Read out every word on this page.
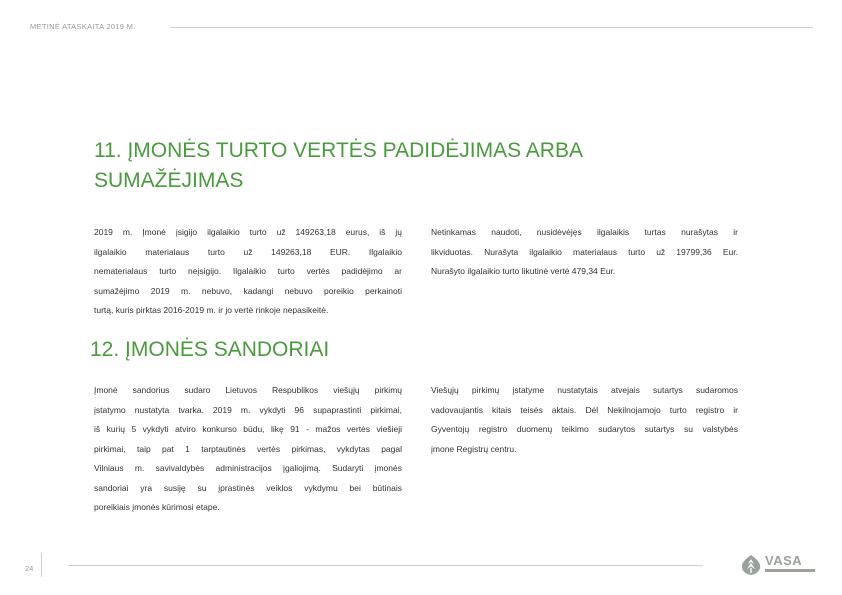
METINĖ ATASKAITA 2019 M.
11. ĮMONĖS TURTO VERTĖS PADIDĖJIMAS ARBA
SUMAŽĖJIMAS
2019 m. Įmonė įsigijo ilgalaikio turto už 149263,18 eurus, iš jų
ilgalaikio materialaus turto už 149263,18 EUR. Ilgalaikio
nematerialaus turto neįsigijo. Ilgalaikio turto vertės padidėjimo ar
sumažėjimo 2019 m. nebuvo, kadangi nebuvo poreikio perkainoti
turtą, kuris pirktas 2016-2019 m. ir jo vertė rinkoje nepasikeitė.
Netinkamas naudoti, nusidėvėjęs ilgalaikis turtas nurašytas ir
likviduotas. Nurašyta ilgalaikio materialaus turto už 19799,36 Eur.
Nurašyto ilgalaikio turto likutinė vertė 479,34 Eur.
12. ĮMONĖS SANDORIAI
Įmonė sandorius sudaro Lietuvos Respublikos viešųjų pirkimų
įstatymo nustatyta tvarka. 2019 m. vykdyti 96 supaprastinti pirkimai,
iš kurių 5 vykdyti atviro konkurso būdu, likę 91 - mažos vertės viešieji
pirkimai, taip pat 1 tarptautinės vertės pirkimas, vykdytas pagal
Vilniaus m. savivaldybės administracijos įgaliojimą. Sudaryti įmonės
sandoriai yra susiję su įprastinės veiklos vykdymu bei būtinais
poreikiais įmonės kūrimosi etape.
Viešųjų pirkimų įstatyme nustatytais atvejais sutartys sudaromos
vadovaujantis kitais teisės aktais. Dėl Nekilnojamojo turto registro ir
Gyventojų registro duomenų teikimo sudarytos sutartys su valstybės
įmone Registrų centru.
24
VASA
